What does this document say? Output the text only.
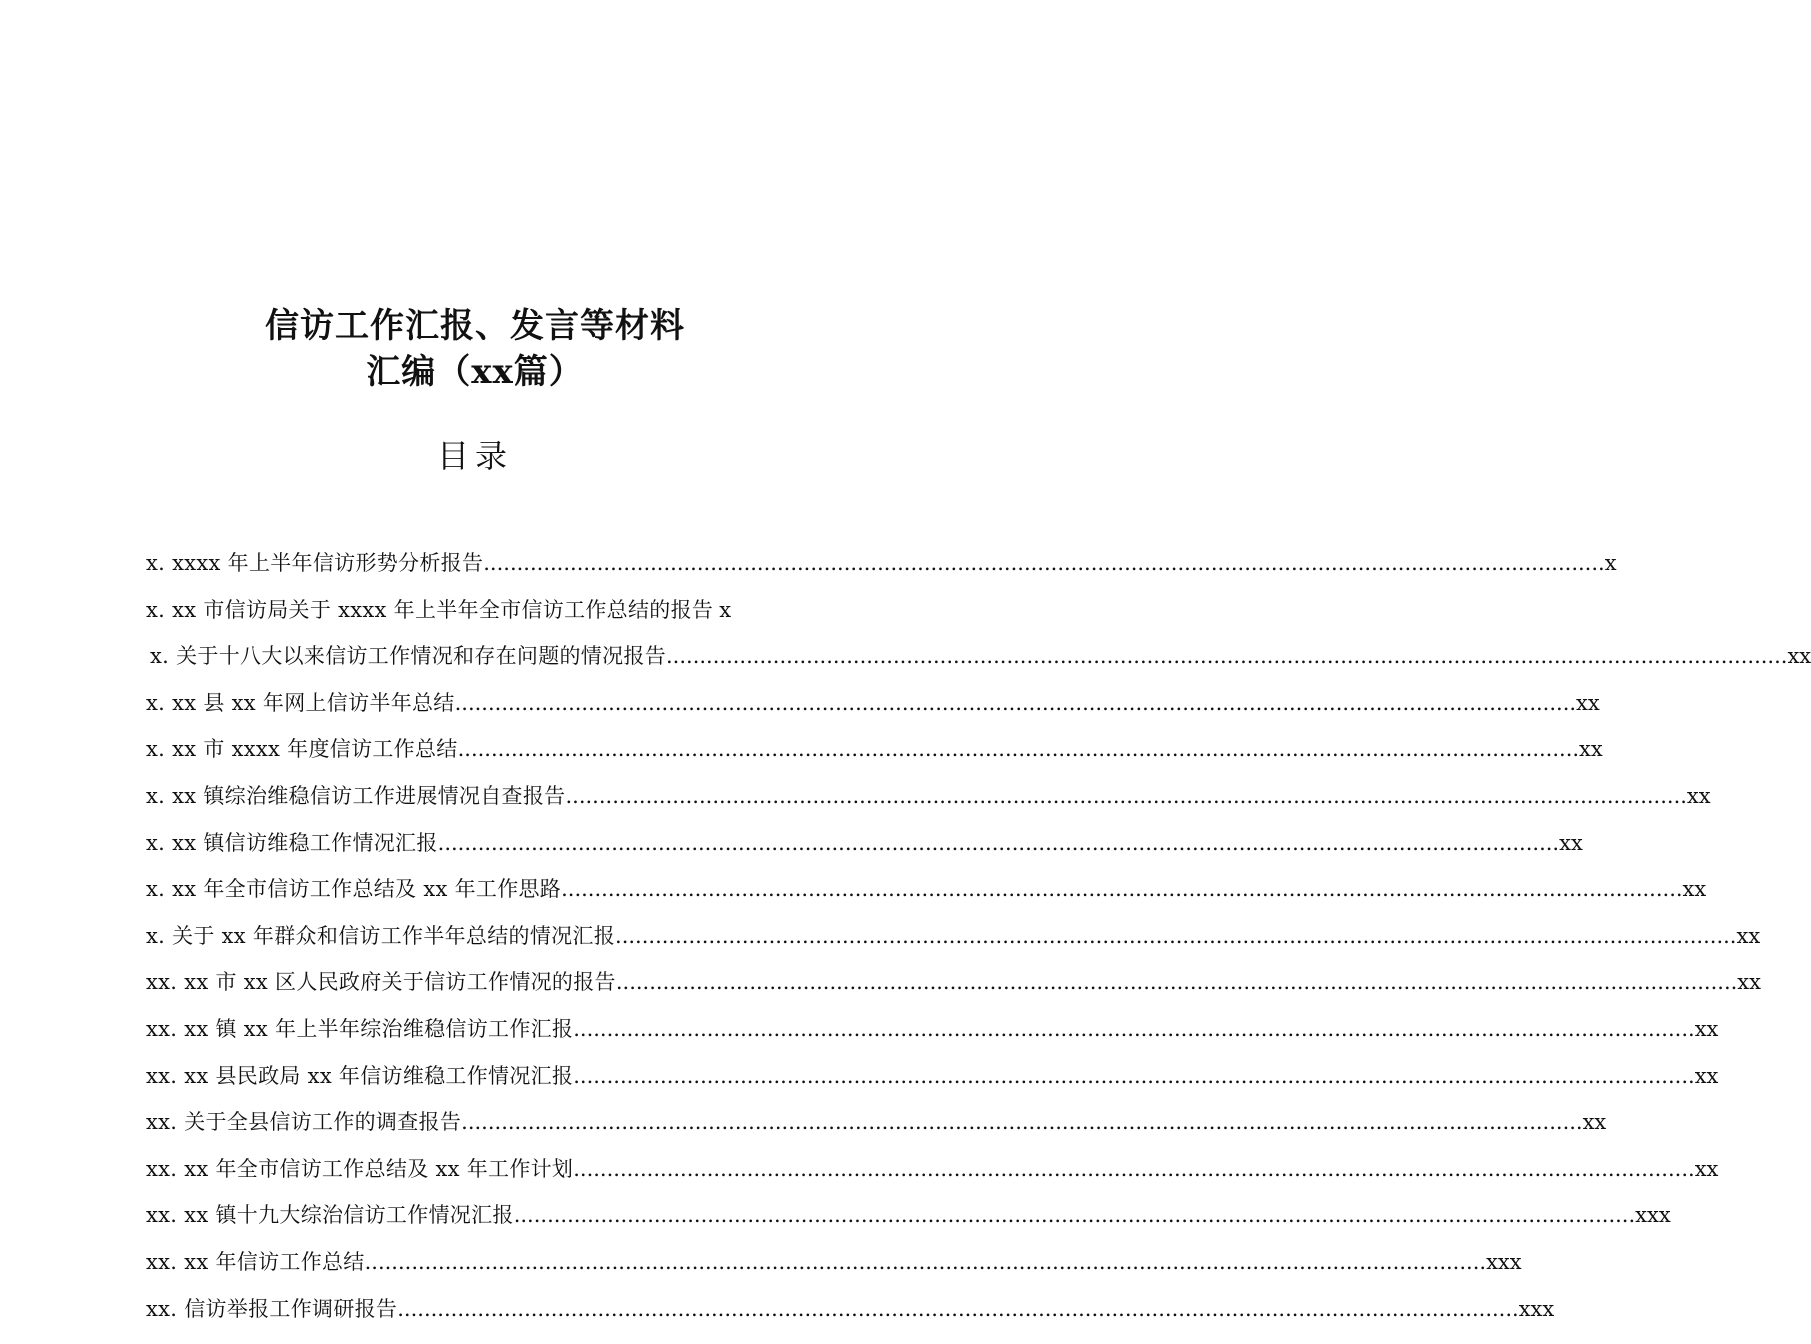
信访工作汇报、发言等材料
汇编（xx篇）
目录
x. xxxx 年上半年信访形势分析报告 .....	x
x. xx 市信访局关于 xxxx 年上半年全市信访工作总结的报告 x
x. 关于十八大以来信访工作情况和存在问题的情况报告 .....	xx
x. xx 县 xx 年网上信访半年总结 .....	xx
x. xx 市 xxxx 年度信访工作总结 .....	xx
x. xx 镇综治维稳信访工作进展情况自查报告 .....	xx
x. xx 镇信访维稳工作情况汇报 .....	xx
x. xx 年全市信访工作总结及 xx 年工作思路 .....	xx
x. 关于 xx 年群众和信访工作半年总结的情况汇报 .....	xx
xx. xx 市 xx 区人民政府关于信访工作情况的报告 .....	xx
xx. xx 镇 xx 年上半年综治维稳信访工作汇报 .....	xx
xx. xx 县民政局 xx 年信访维稳工作情况汇报 .....	xx
xx. 关于全县信访工作的调查报告 .....	xx
xx. xx 年全市信访工作总结及 xx 年工作计划 .....	xx
xx. xx 镇十九大综治信访工作情况汇报 .....	xxx
xx. xx 年信访工作总结 .....	xxx
xx. 信访举报工作调研报告 .....	xxx
